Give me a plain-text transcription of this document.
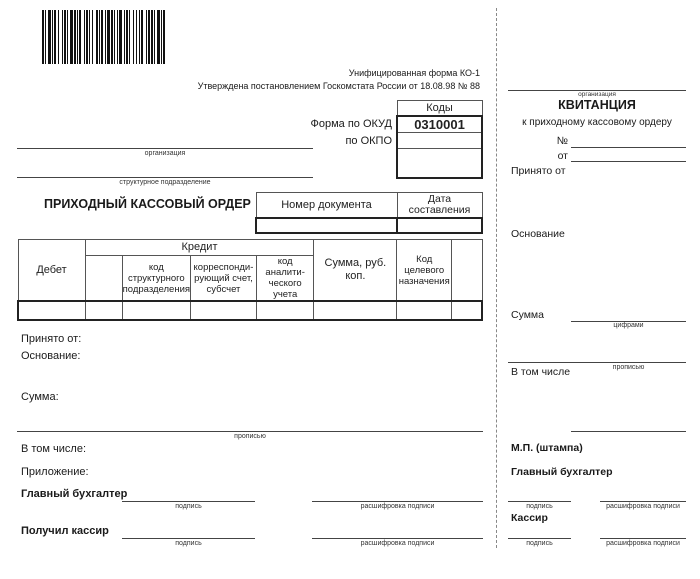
Унифицированная форма КО-1
Утверждена постановлением Госкомстата России от 18.08.98 № 88
Форма по ОКУД
по ОКПО
Коды
0310001

организация
структурное подразделение
ПРИХОДНЫЙ КАССОВЫЙ ОРДЕР	Номер документа	Дата составления

Дебет	Кредит				Сумма, руб. коп.	Код целевого назначения	
		код структурного подразделения	корреспонди-рующий счет, субсчет	код аналити-ческого учета			

Принято от:
Основание:
Сумма:
прописью
В том числе:
Приложение:
Главный бухгалтер
подпись	расшифровка подписи
Получил кассир
подпись	расшифровка подписи
организация
КВИТАНЦИЯ
к приходному кассовому ордеру
№
от
Принято от
Основание
Сумма
цифрами
прописью
В том числе
М.П. (штампа)
Главный бухгалтер
подпись	расшифровка подписи
Кассир
подпись	расшифровка подписи
